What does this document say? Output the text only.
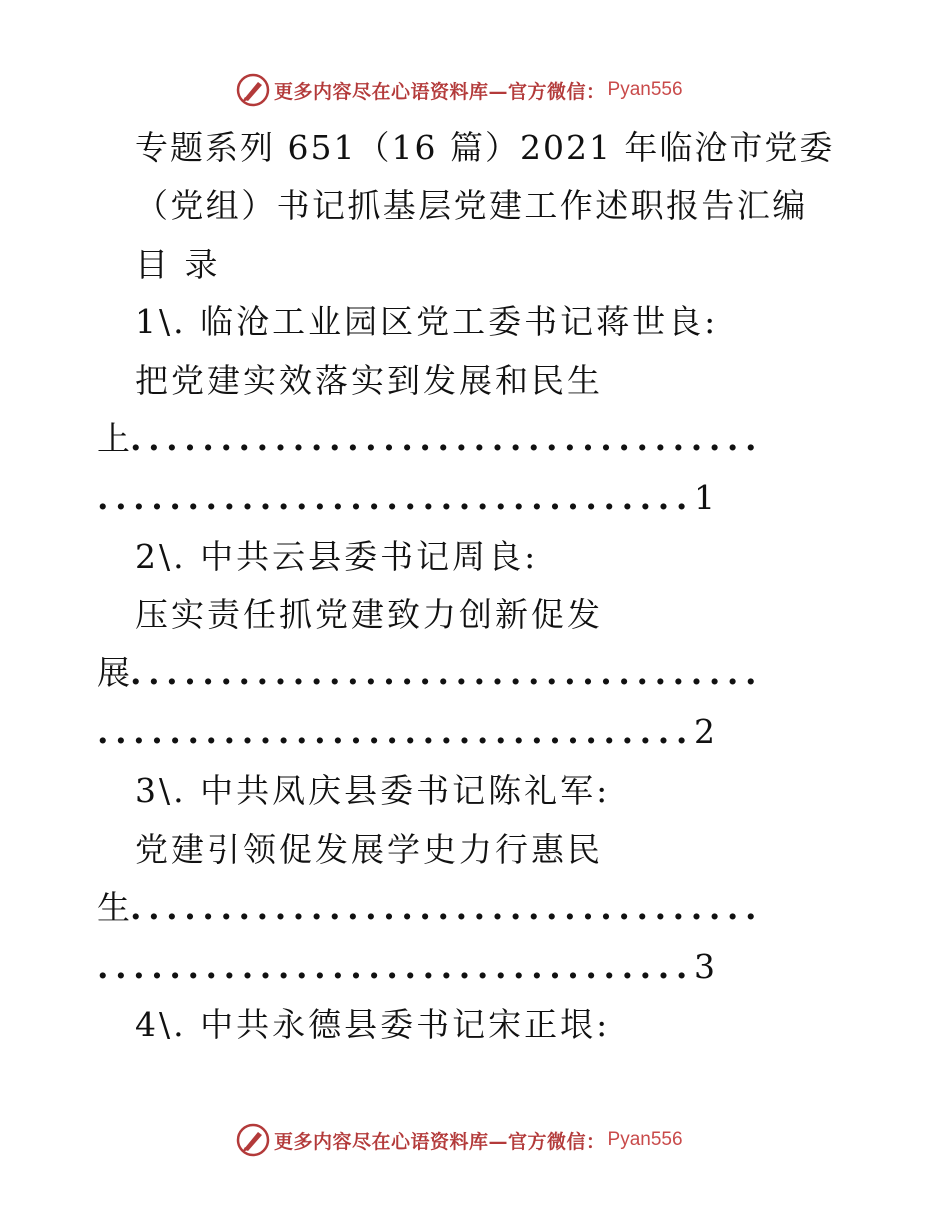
更多内容尽在心语资料库—官方微信： Pyan556
专题系列 651（16 篇）2021 年临沧市党委
（党组）书记抓基层党建工作述职报告汇编
目 录
1\. 临沧工业园区党工委书记蒋世良:
把党建实效落实到发展和民生
上...................................
.................................1
2\. 中共云县委书记周良:
压实责任抓党建致力创新促发
展...................................
.................................2
3\. 中共凤庆县委书记陈礼军:
党建引领促发展学史力行惠民
生...................................
.................................3
4\. 中共永德县委书记宋正垠:
更多内容尽在心语资料库—官方微信： Pyan556
